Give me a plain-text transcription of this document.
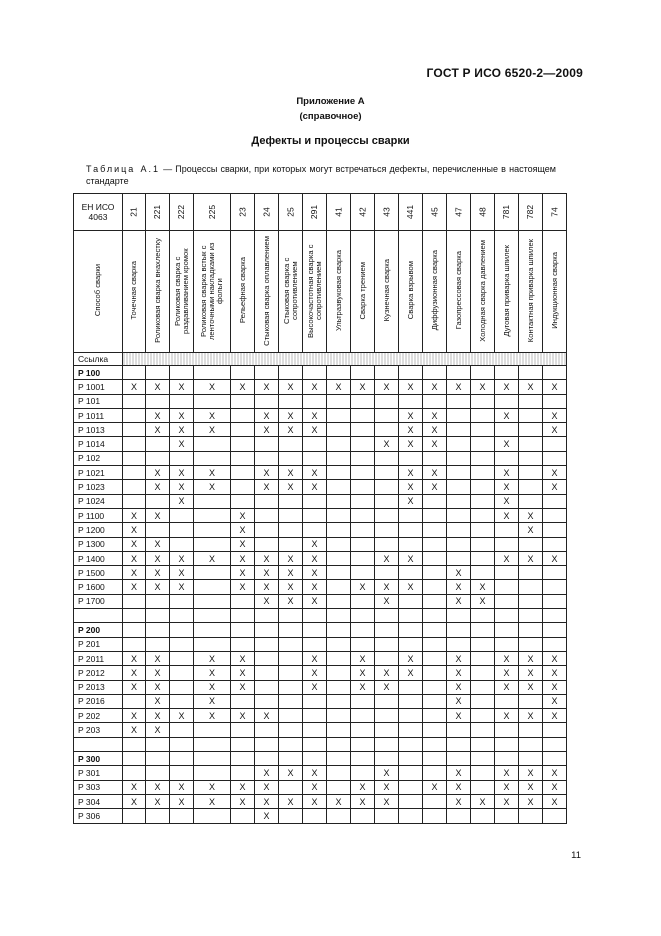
ГОСТ Р ИСО 6520-2—2009
Приложение А
(справочное)
Дефекты и процессы сварки
Таблица А.1 — Процессы сварки, при которых могут встречаться дефекты, перечисленные в настоящем стандарте
ЕН ИСО 4063	21	221	222	225	23	24	25	291	41	42	43	441	45	47	48	781	782	74
Способ сварки	Точечная сварка	Роликовая сварка внахлестку	Роликовая сварка с раздавливанием кромок	Роликовая сварка встык с ленточными накладками из фольги	Рельефная сварка	Стыковая сварка оплавлением	Стыковая сварка с сопротивлением	Высокочастотная сварка с сопротивлением	Ультразвуковая сварка	Сварка трением	Кузнечная сварка	Сварка взрывом	Диффузионная сварка	Газопрессовая сварка	Холодная сварка давлением	Дуговая приварка шпилек	Контактная приварка шпилек	Индукционная сварка
Ссылка																		
P 100																		
P 1001	X	X	X	X	X	X	X	X	X	X	X	X	X	X	X	X	X	X
P 101																		
P 1011		X	X	X		X	X	X				X	X			X		X
P 1013		X	X	X		X	X	X				X	X					X
P 1014			X								X	X	X			X		
P 102																		
P 1021		X	X	X		X	X	X				X	X			X		X
P 1023		X	X	X		X	X	X				X	X			X		X
P 1024			X									X				X		
P 1100	X	X			X											X	X	
P 1200	X				X												X	
P 1300	X	X			X			X										
P 1400	X	X	X	X	X	X	X	X			X	X				X	X	X
P 1500	X	X	X		X	X	X	X						X				
P 1600	X	X	X		X	X	X	X		X	X	X		X	X			
P 1700						X	X	X			X			X	X			

P 200																		
P 201																		
P 2011	X	X		X	X			X		X		X		X		X	X	X
P 2012	X	X		X	X			X		X	X	X		X		X	X	X
P 2013	X	X		X	X			X		X	X			X		X	X	X
P 2016		X		X										X				X
P 202	X	X	X	X	X	X								X		X	X	X
P 203	X	X																

P 300																		
P 301						X	X	X			X			X		X	X	X
P 303	X	X	X	X	X	X		X		X	X		X	X		X	X	X
P 304	X	X	X	X	X	X	X	X	X	X	X			X	X	X	X	X
P 306						X												
11
